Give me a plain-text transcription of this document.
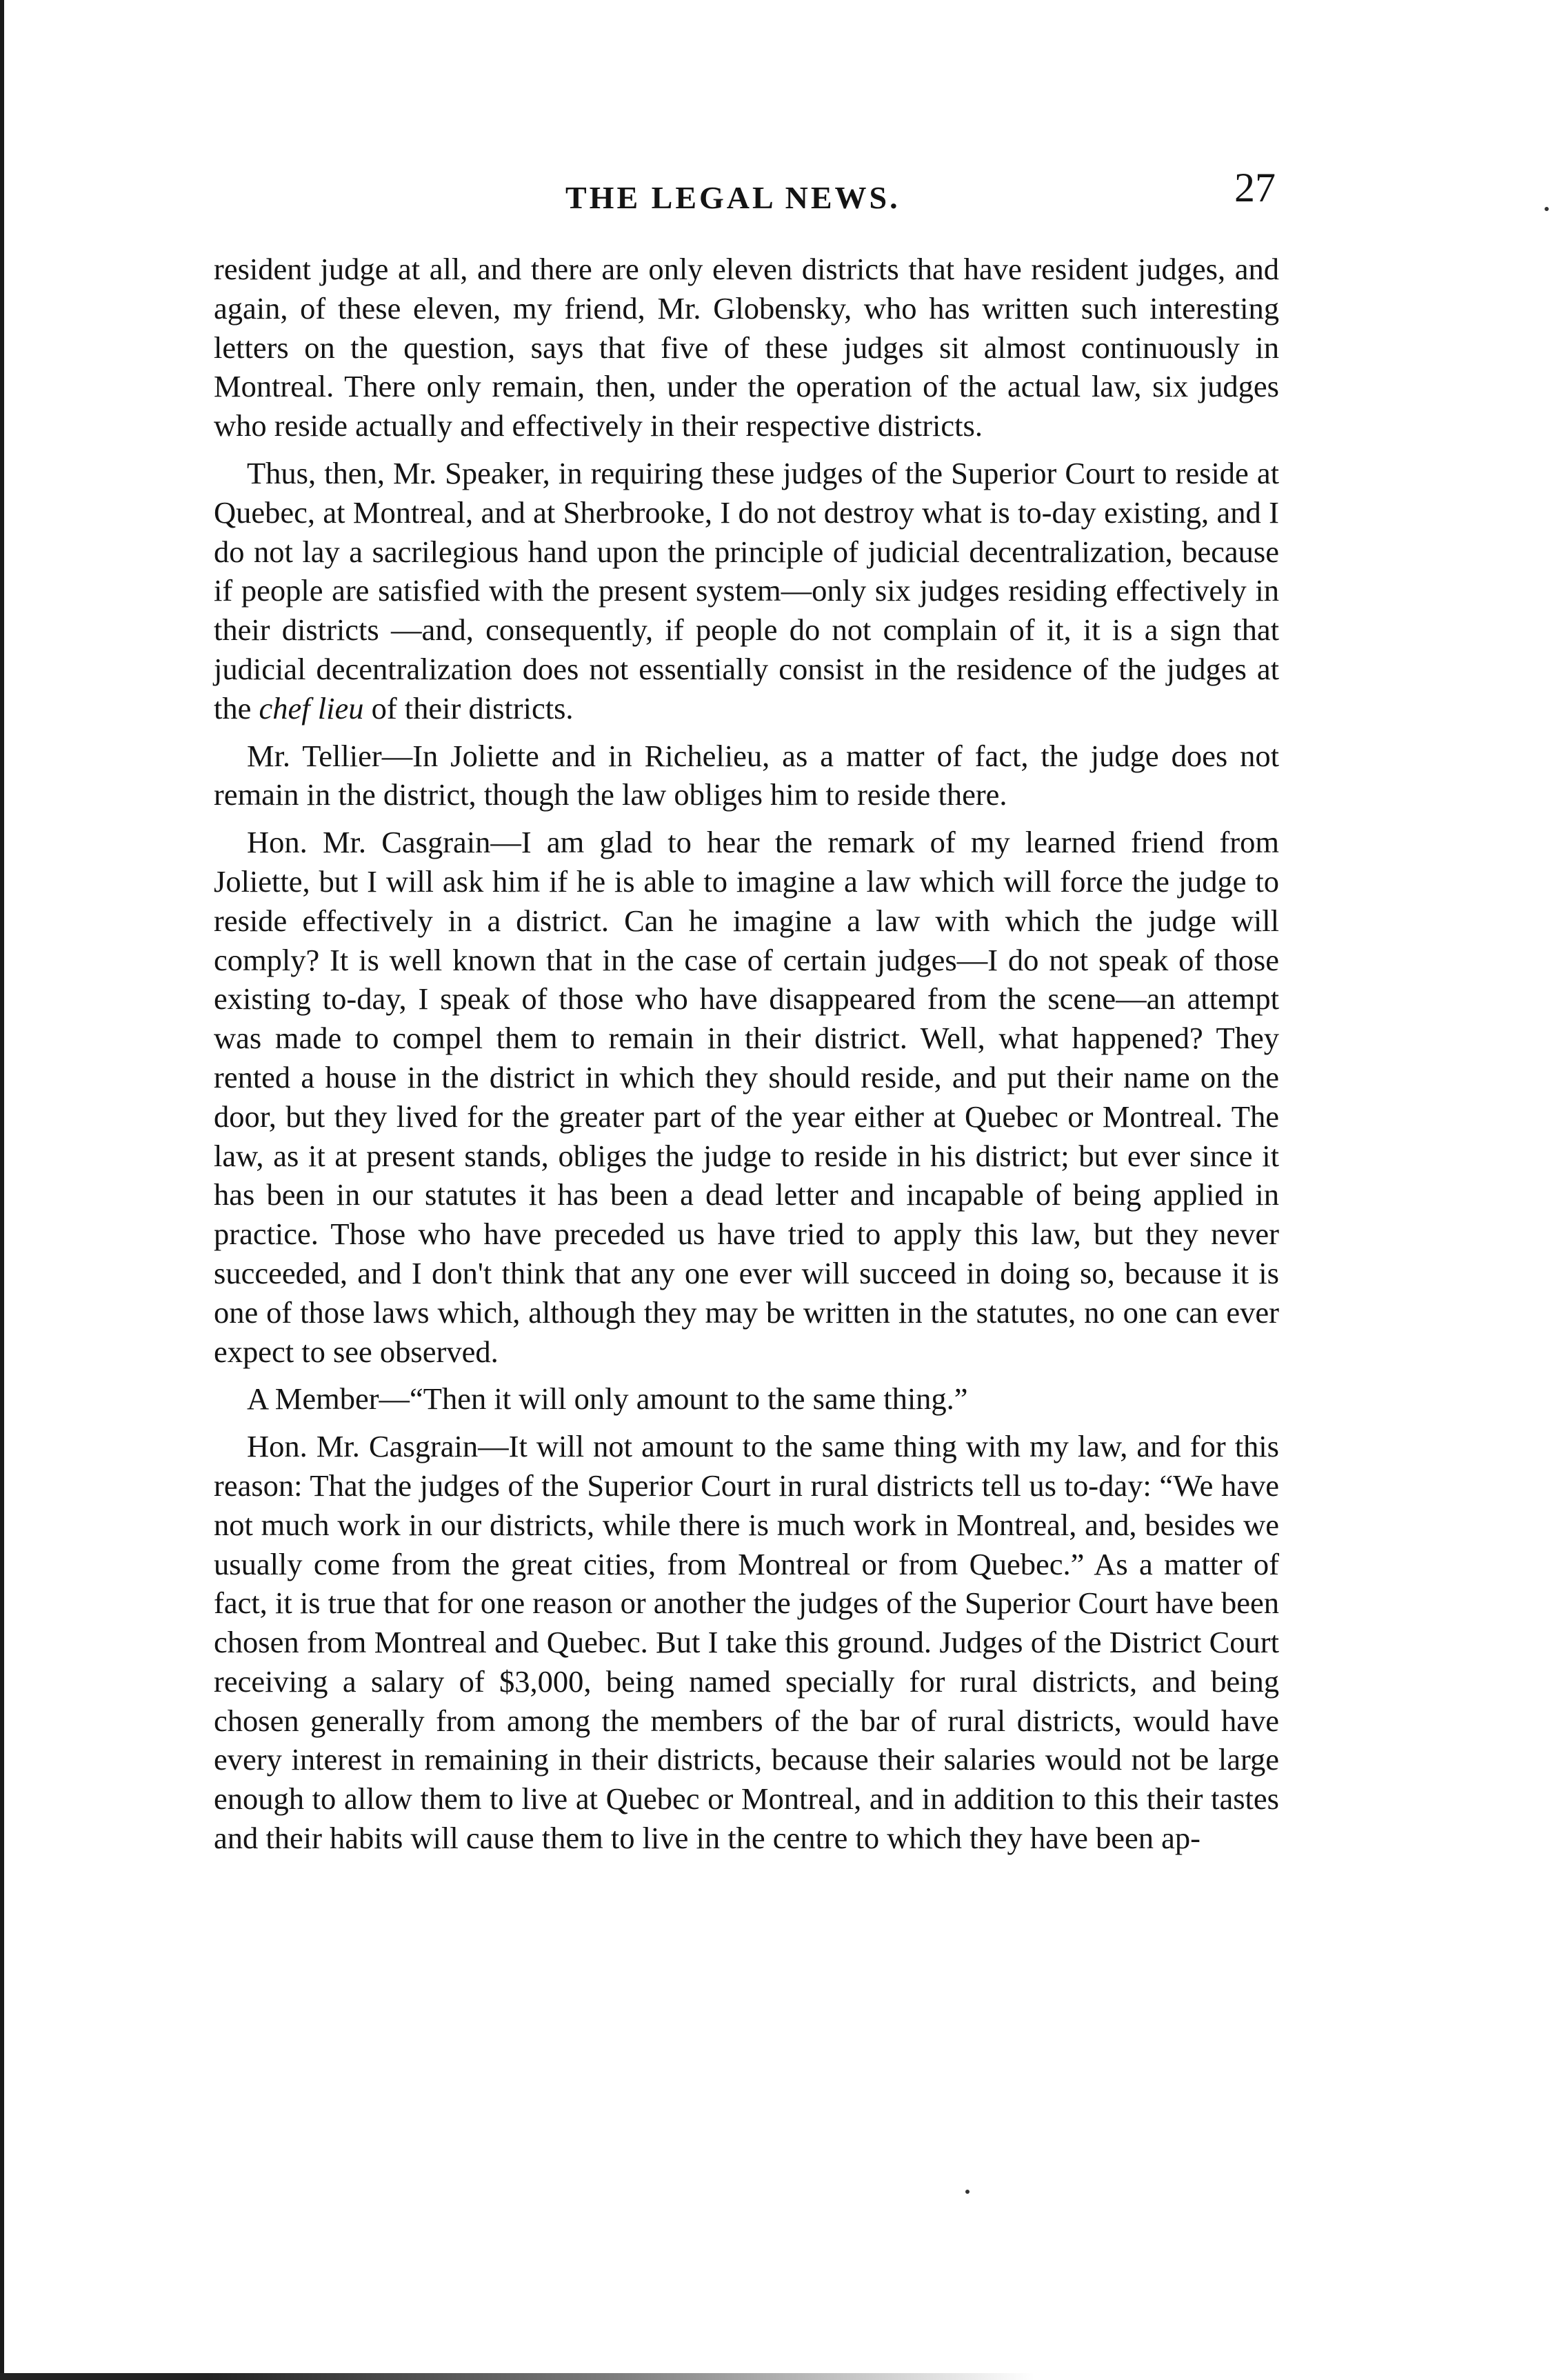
THE LEGAL NEWS.	27

resident judge at all, and there are only eleven districts that have resident judges, and again, of these eleven, my friend, Mr. Globensky, who has written such interesting letters on the question, says that five of these judges sit almost continuously in Montreal. There only remain, then, under the operation of the actual law, six judges who reside actually and effectively in their respective districts.

Thus, then, Mr. Speaker, in requiring these judges of the Superior Court to reside at Quebec, at Montreal, and at Sherbrooke, I do not destroy what is to-day existing, and I do not lay a sacrilegious hand upon the principle of judicial decentralization, because if people are satisfied with the present system—only six judges residing effectively in their districts —and, consequently, if people do not complain of it, it is a sign that judicial decentralization does not essentially consist in the residence of the judges at the chef lieu of their districts.

Mr. Tellier—In Joliette and in Richelieu, as a matter of fact, the judge does not remain in the district, though the law obliges him to reside there.

Hon. Mr. Casgrain—I am glad to hear the remark of my learned friend from Joliette, but I will ask him if he is able to imagine a law which will force the judge to reside effectively in a district. Can he imagine a law with which the judge will comply? It is well known that in the case of certain judges—I do not speak of those existing to-day, I speak of those who have disappeared from the scene—an attempt was made to compel them to remain in their district. Well, what happened? They rented a house in the district in which they should reside, and put their name on the door, but they lived for the greater part of the year either at Quebec or Montreal. The law, as it at present stands, obliges the judge to reside in his district; but ever since it has been in our statutes it has been a dead letter and incapable of being applied in practice. Those who have preceded us have tried to apply this law, but they never succeeded, and I don't think that any one ever will succeed in doing so, because it is one of those laws which, although they may be written in the statutes, no one can ever expect to see observed.

A Member—“Then it will only amount to the same thing.”

Hon. Mr. Casgrain—It will not amount to the same thing with my law, and for this reason: That the judges of the Superior Court in rural districts tell us to-day: “We have not much work in our districts, while there is much work in Montreal, and, besides we usually come from the great cities, from Montreal or from Quebec.” As a matter of fact, it is true that for one reason or another the judges of the Superior Court have been chosen from Montreal and Quebec. But I take this ground. Judges of the District Court receiving a salary of $3,000, being named specially for rural districts, and being chosen generally from among the members of the bar of rural districts, would have every interest in remaining in their districts, because their salaries would not be large enough to allow them to live at Quebec or Montreal, and in addition to this their tastes and their habits will cause them to live in the centre to which they have been ap-
